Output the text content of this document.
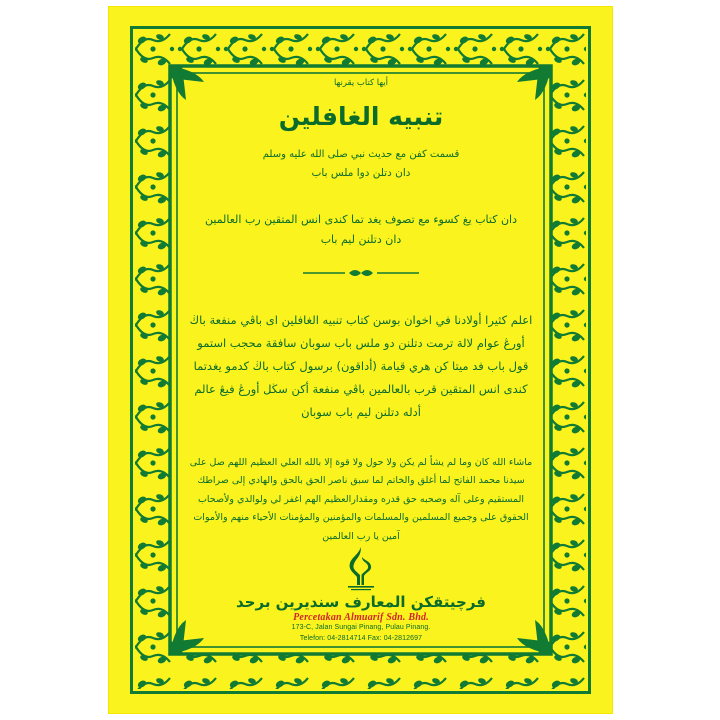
أيها كتاب يقرنها
تنبيه الغافلين
قسمت كفن مع حديث نبي صلى الله عليه وسلم
دان دتلن دوا ملس باب
دان كتاب يغ كسوء مع تصوف يغد تما كندى انس المتقين رب العالمين
دان دتلنن ليم باب
اعلم كثيرا أولادنا في اخوان بوسن كتاب تنبيه الغافلين اى باڤي منفعة باڬ أورڠ عوام لالة ترمت دتلنن دو ملس باب سوبان سافقة محجب استمو قول باب فد ميتا كن هري قيامة (أداقون) برسول كتاب باڬ كدمو يغدتما كندى انس المتقين قرب بالعالمين باڤي منفعة أكن سڬل أورڠ فيڠ عالم أدله دتلنن ليم باب سوبان
ماشاء الله كان وما لم يشأ لم يكن ولا حول ولا قوة إلا بالله العلي العظيم اللهم صل على سيدنا محمد الفاتح لما أغلق والخاتم لما سبق ناصر الحق بالحق والهادي إلى صراطك المستقيم وعلى آله وصحبه حق قدره ومقدارالعظيم الهم اغفر لي ولوالدي ولأصحاب الحقوق على وجميع المسلمين والمسلمات والمؤمنين والمؤمنات الأحياء منهم والأموات آمين يا رب العالمين
فرچيتقكن المعارف سنديرين برحد
Percetakan Almuarif Sdn. Bhd.
173-C, Jalan Sungai Pinang, Pulau Pinang.
Telefon: 04-2814714 Fax: 04-2812697
